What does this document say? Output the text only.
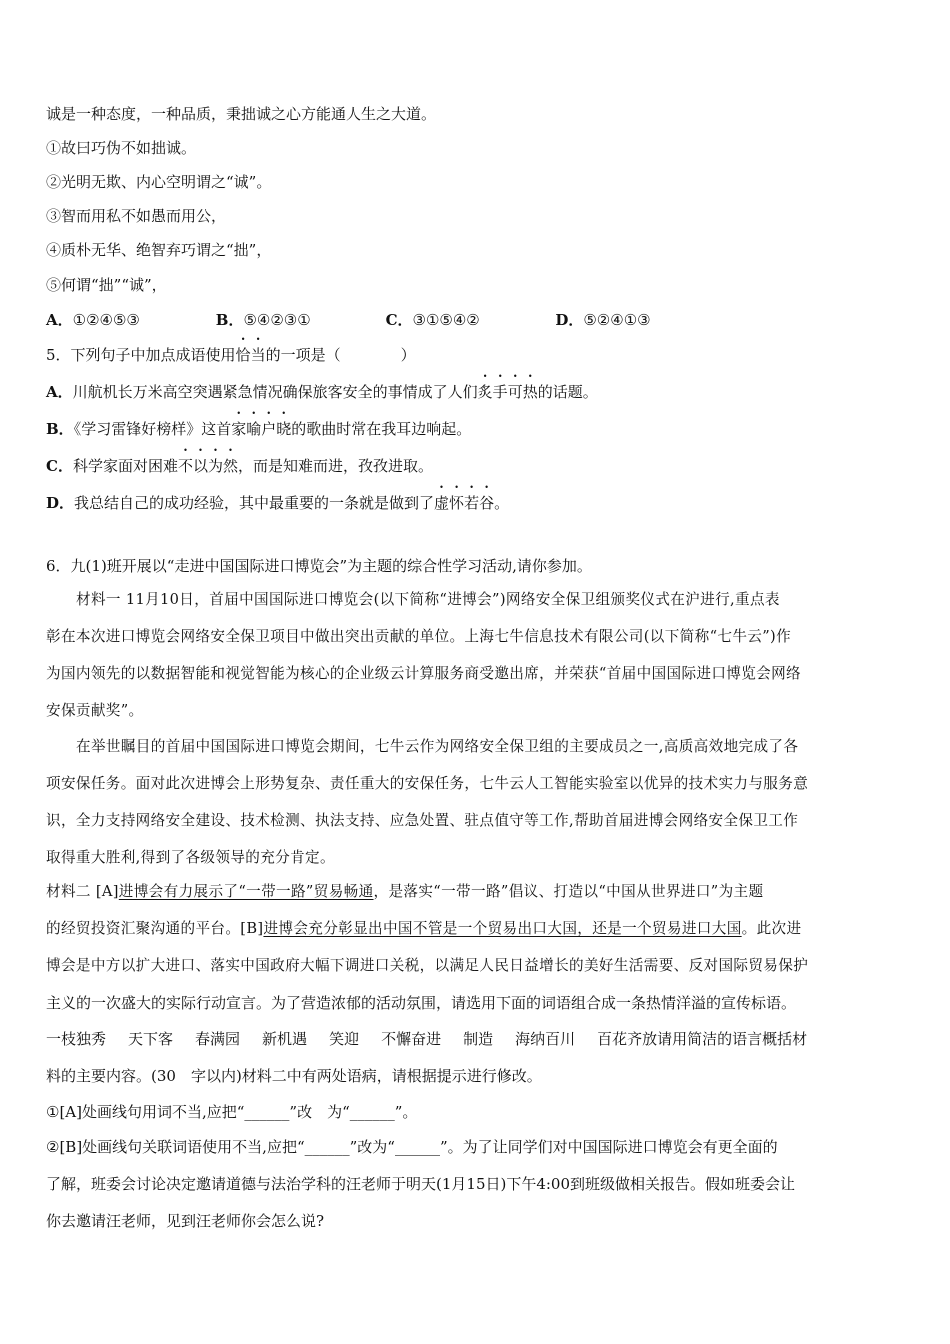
诚是一种态度，一种品质，秉拙诚之心方能通人生之大道。
①故曰巧伪不如拙诚。
②光明无欺、内心空明谓之“诚”。
③智而用私不如愚而用公，
④质朴无华、绝智弃巧谓之“拙”，
⑤何谓“拙”“诚”，
A．①②④⑤③	B．⑤④②③①	C．③①⑤④②	D．⑤②④①③
5．下列句子中加点成语使用恰当的一项是（　　　　）
A．川航机长万米高空突遇紧急情况确保旅客安全的事情成了人们炙手可热的话题。
B．《学习雷锋好榜样》这首家喻户晓的歌曲时常在我耳边响起。
C．科学家面对困难不以为然，而是知难而进，孜孜进取。
D．我总结自己的成功经验，其中最重要的一条就是做到了虚怀若谷。
6．九(1)班开展以“走进中国国际进口博览会”为主题的综合性学习活动,请你参加。
材料一 11月10日，首届中国国际进口博览会(以下简称“进博会”)网络安全保卫组颁奖仪式在沪进行,重点表
彰在本次进口博览会网络安全保卫项目中做出突出贡献的单位。上海七牛信息技术有限公司(以下简称“七牛云”)作
为国内领先的以数据智能和视觉智能为核心的企业级云计算服务商受邀出席，并荣获“首届中国国际进口博览会网络
安保贡献奖”。
在举世瞩目的首届中国国际进口博览会期间，七牛云作为网络安全保卫组的主要成员之一,高质高效地完成了各
项安保任务。面对此次进博会上形势复杂、责任重大的安保任务，七牛云人工智能实验室以优异的技术实力与服务意
识，全力支持网络安全建设、技术检测、执法支持、应急处置、驻点值守等工作,帮助首届进博会网络安全保卫工作
取得重大胜利,得到了各级领导的充分肯定。
材料二 [A]进博会有力展示了“一带一路”贸易畅通，是落实“一带一路”倡议、打造以“中国从世界进口”为主题
的经贸投资汇聚沟通的平台。[B]进博会充分彰显出中国不管是一个贸易出口大国，还是一个贸易进口大国。此次进
博会是中方以扩大进口、落实中国政府大幅下调进口关税，以满足人民日益增长的美好生活需要、反对国际贸易保护
主义的一次盛大的实际行动宣言。为了营造浓郁的活动氛围，请选用下面的词语组合成一条热情洋溢的宣传标语。
一枝独秀 天下客 春满园 新机遇 笑迎 不懈奋进 制造 海纳百川 百花齐放请用简洁的语言概括材
料的主要内容。(30　字以内)材料二中有两处语病，请根据提示进行修改。
①[A]处画线句用词不当,应把“______”改　为“______”。
②[B]处画线句关联词语使用不当,应把“______”改为“______”。为了让同学们对中国国际进口博览会有更全面的
了解，班委会讨论决定邀请道德与法治学科的汪老师于明天(1月15日)下午4:00到班级做相关报告。假如班委会让
你去邀请汪老师，见到汪老师你会怎么说?
